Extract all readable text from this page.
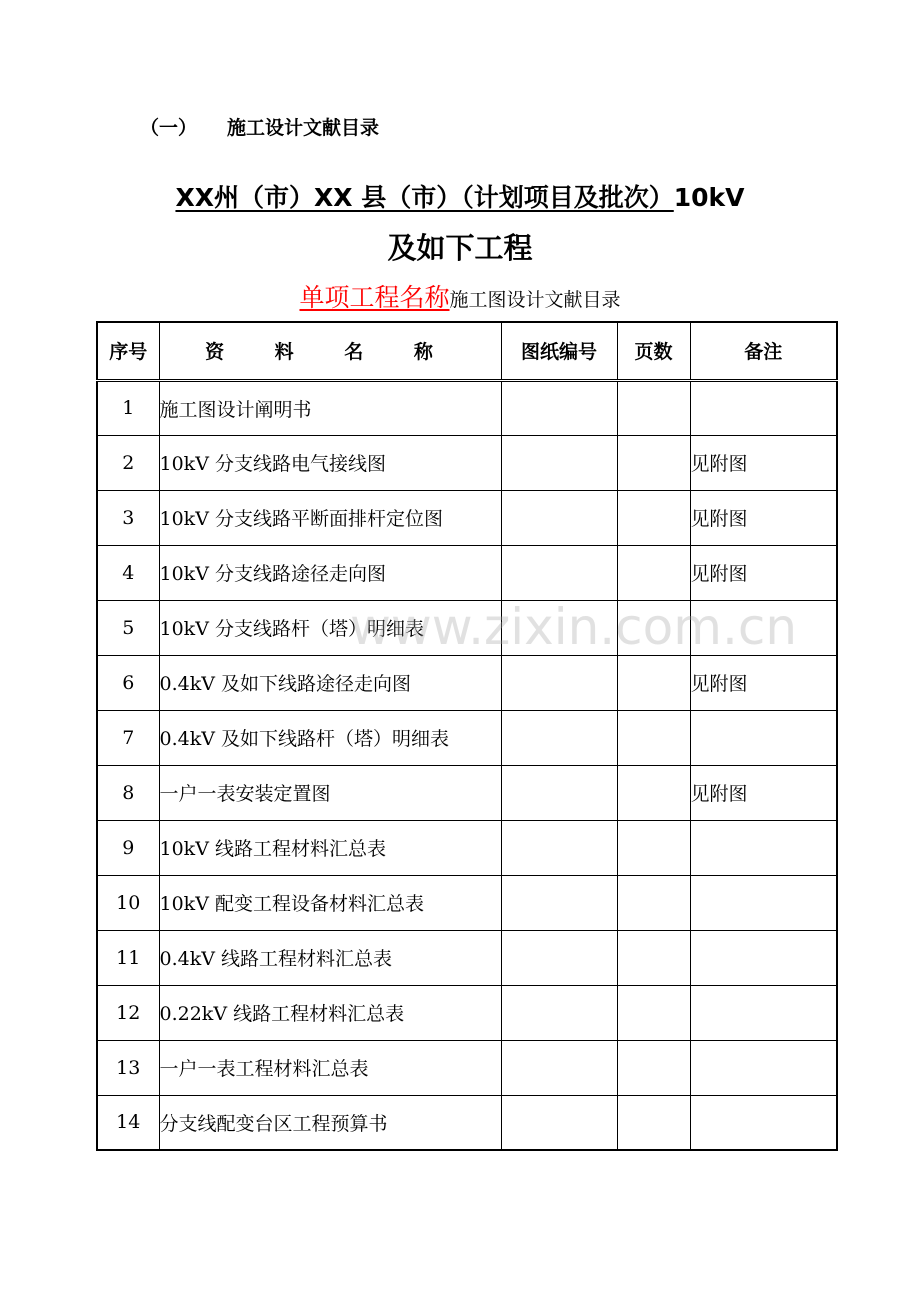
（一） 施工设计文献目录
XX州（市）XX 县（市）（计划项目及批次）10kV
及如下工程
单项工程名称施工图设计文献目录
序号	资 料 名 称	图纸编号	页数	备注
1	施工图设计阐明书			
2	10kV 分支线路电气接线图			见附图
3	10kV 分支线路平断面排杆定位图			见附图
4	10kV 分支线路途径走向图			见附图
5	10kV 分支线路杆（塔）明细表			
6	0.4kV 及如下线路途径走向图			见附图
7	0.4kV 及如下线路杆（塔）明细表			
8	一户一表安装定置图			见附图
9	10kV 线路工程材料汇总表			
10	10kV 配变工程设备材料汇总表			
11	0.4kV 线路工程材料汇总表			
12	0.22kV 线路工程材料汇总表			
13	一户一表工程材料汇总表			
14	分支线配变台区工程预算书			
www.zixin.com.cn
